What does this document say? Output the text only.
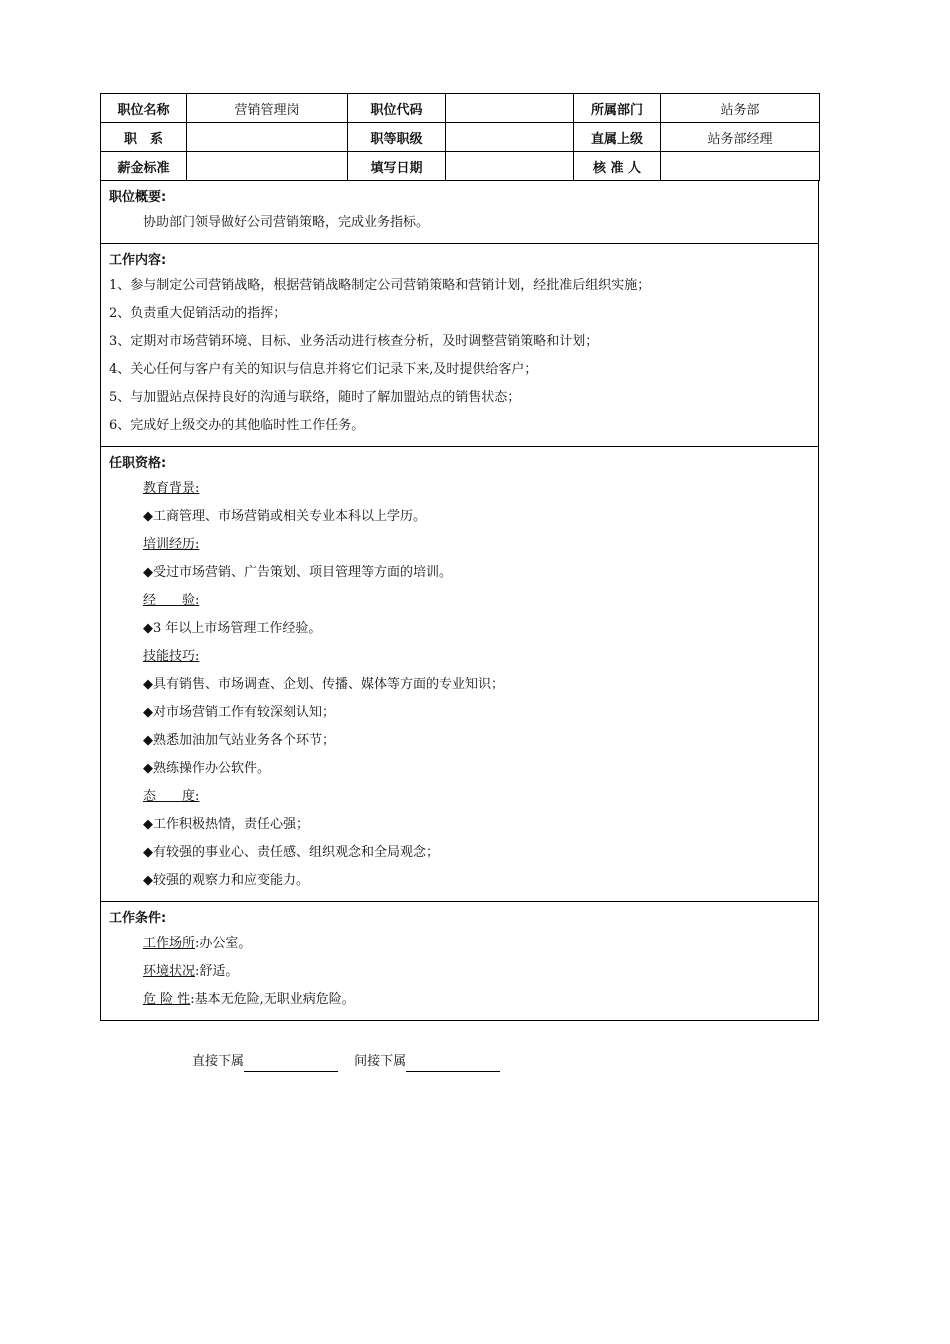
职位名称	营销管理岗	职位代码		所属部门	站务部
职　系		职等职级		直属上级	站务部经理
薪金标准		填写日期		核 准 人	
职位概要:
协助部门领导做好公司营销策略，完成业务指标。
工作内容:
1、参与制定公司营销战略，根据营销战略制定公司营销策略和营销计划，经批准后组织实施；
2、负责重大促销活动的指挥；
3、定期对市场营销环境、目标、业务活动进行核查分析，及时调整营销策略和计划；
4、关心任何与客户有关的知识与信息并将它们记录下来,及时提供给客户；
5、与加盟站点保持良好的沟通与联络，随时了解加盟站点的销售状态；
6、完成好上级交办的其他临时性工作任务。
任职资格:
教育背景:
◆工商管理、市场营销或相关专业本科以上学历。
培训经历:
◆受过市场营销、广告策划、项目管理等方面的培训。
经　　验:
◆3 年以上市场管理工作经验。
技能技巧:
◆具有销售、市场调查、企划、传播、媒体等方面的专业知识；
◆对市场营销工作有较深刻认知；
◆熟悉加油加气站业务各个环节；
◆熟练操作办公软件。
态　　度:
◆工作积极热情，责任心强；
◆有较强的事业心、责任感、组织观念和全局观念；
◆较强的观察力和应变能力。
工作条件:
工作场所:办公室。
环境状况:舒适。
危 险 性:基本无危险,无职业病危险。
直接下属	间接下属
